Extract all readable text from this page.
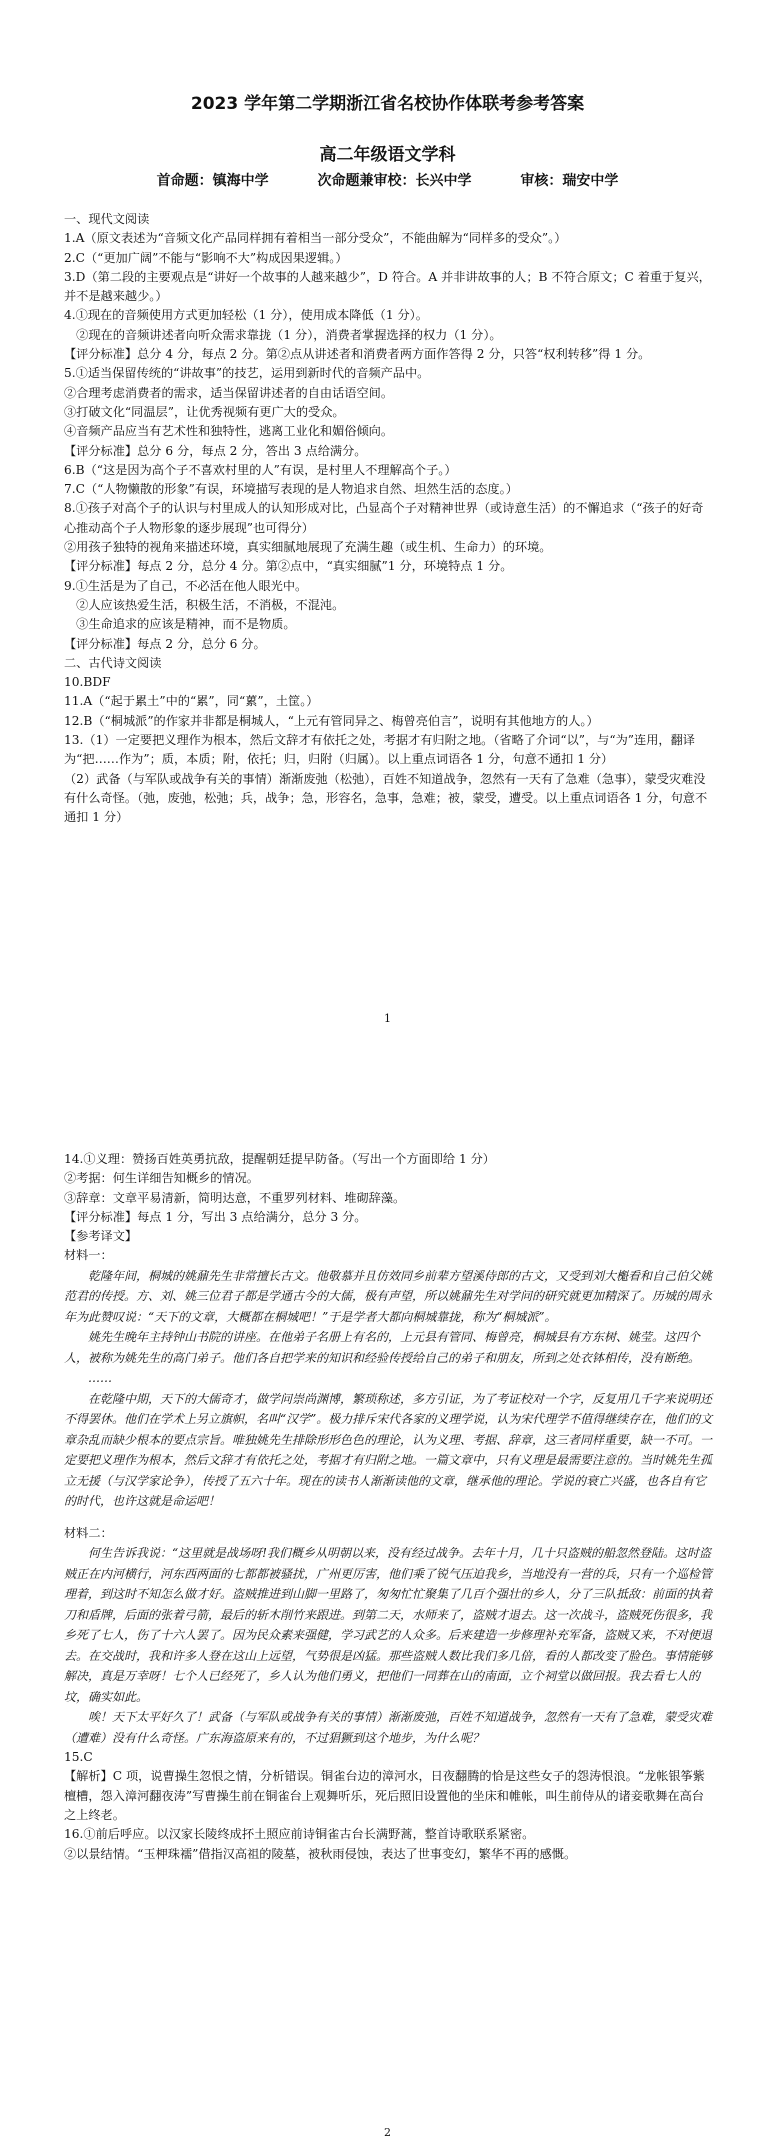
2023 学年第二学期浙江省名校协作体联考参考答案
高二年级语文学科
首命题：镇海中学	次命题兼审校：长兴中学	审核：瑞安中学
一、现代文阅读
1.A（原文表述为“音频文化产品同样拥有着相当一部分受众”，不能曲解为“同样多的受众”。）
2.C（“更加广阔”不能与“影响不大”构成因果逻辑。）
3.D（第二段的主要观点是“讲好一个故事的人越来越少”，D 符合。A 并非讲故事的人；B 不符合原文；C 着重于复兴，并不是越来越少。）
4.①现在的音频使用方式更加轻松（1 分），使用成本降低（1 分）。
　②现在的音频讲述者向听众需求靠拢（1 分），消费者掌握选择的权力（1 分）。
【评分标准】总分 4 分，每点 2 分。第②点从讲述者和消费者两方面作答得 2 分，只答“权利转移”得 1 分。
5.①适当保留传统的“讲故事”的技艺，运用到新时代的音频产品中。
②合理考虑消费者的需求，适当保留讲述者的自由话语空间。
③打破文化“同温层”，让优秀视频有更广大的受众。
④音频产品应当有艺术性和独特性，逃离工业化和媚俗倾向。
【评分标准】总分 6 分，每点 2 分，答出 3 点给满分。
6.B（“这是因为高个子不喜欢村里的人”有误，是村里人不理解高个子。）
7.C（“人物懒散的形象”有误，环境描写表现的是人物追求自然、坦然生活的态度。）
8.①孩子对高个子的认识与村里成人的认知形成对比，凸显高个子对精神世界（或诗意生活）的不懈追求（“孩子的好奇心推动高个子人物形象的逐步展现”也可得分）
②用孩子独特的视角来描述环境，真实细腻地展现了充满生趣（或生机、生命力）的环境。
【评分标准】每点 2 分，总分 4 分。第②点中，“真实细腻”1 分，环境特点 1 分。
9.①生活是为了自己，不必活在他人眼光中。
　②人应该热爱生活，积极生活，不消极，不混沌。
　③生命追求的应该是精神，而不是物质。
【评分标准】每点 2 分，总分 6 分。
二、古代诗文阅读
10.BDF
11.A（“起于累土”中的“累”，同“蔂”，土筐。）
12.B（“桐城派”的作家并非都是桐城人，“上元有管同异之、梅曾亮伯言”，说明有其他地方的人。）
13.（1）一定要把义理作为根本，然后文辞才有依托之处，考据才有归附之地。（省略了介词“以”，与“为”连用，翻译为“把……作为”；质，本质；附，依托；归，归附（归属）。以上重点词语各 1 分，句意不通扣 1 分）
（2）武备（与军队或战争有关的事情）渐渐废弛（松弛），百姓不知道战争，忽然有一天有了急难（急事），蒙受灾难没有什么奇怪。（弛，废弛，松弛；兵，战争；急，形容名，急事，急难；被，蒙受，遭受。以上重点词语各 1 分，句意不通扣 1 分）
1
14.①义理：赞扬百姓英勇抗敌，提醒朝廷提早防备。（写出一个方面即给 1 分）
②考据：何生详细告知概乡的情况。
③辞章：文章平易清新，简明达意，不重罗列材料、堆砌辞藻。
【评分标准】每点 1 分，写出 3 点给满分，总分 3 分。
【参考译文】
材料一：

乾隆年间，桐城的姚鼐先生非常擅长古文。他敬慕并且仿效同乡前辈方望溪侍郎的古文，又受到刘大櫆看和自己伯父姚范君的传授。方、刘、姚三位君子都是学通古今的大儒，极有声望，所以姚鼐先生对学问的研究就更加精深了。历城的周永年为此赞叹说：“天下的文章，大概都在桐城吧！”于是学者大都向桐城靠拢，称为“桐城派”。

姚先生晚年主持钟山书院的讲座。在他弟子名册上有名的，上元县有管同、梅曾亮，桐城县有方东树、姚莹。这四个人，被称为姚先生的高门弟子。他们各自把学来的知识和经验传授给自己的弟子和朋友，所到之处衣钵相传，没有断绝。

……

在乾隆中期，天下的大儒奇才，做学问崇尚渊博，繁琐称述，多方引证，为了考证校对一个字，反复用几千字来说明还不得罢休。他们在学术上另立旗帜，名叫“汉学”。极力排斥宋代各家的义理学说，认为宋代理学不值得继续存在，他们的文章杂乱而缺少根本的要点宗旨。唯独姚先生排除形形色色的理论，认为义理、考据、辞章，这三者同样重要，缺一不可。一定要把义理作为根本，然后文辞才有依托之处，考据才有归附之地。一篇文章中，只有义理是最需要注意的。当时姚先生孤立无援（与汉学家论争），传授了五六十年。现在的读书人渐渐读他的文章，继承他的理论。学说的衰亡兴盛，也各自有它的时代，也许这就是命运吧！

材料二：

何生告诉我说：“这里就是战场呀!我们概乡从明朝以来，没有经过战争。去年十月，几十只盗贼的船忽然登陆。这时盗贼正在内河横行，河东西两面的七都都被骚扰，广州更厉害，他们乘了锐气压迫我乡，当地没有一营的兵，只有一个巡检管理着，到这时不知怎么做才好。盗贼推进到山脚一里路了，匆匆忙忙聚集了几百个强壮的乡人，分了三队抵敌：前面的执着刀和盾牌，后面的张着弓箭，最后的斩木削竹来跟进。到第二天，水师来了，盗贼才退去。这一次战斗，盗贼死伤很多，我乡死了七人，伤了十六人罢了。因为民众素来强健，学习武艺的人众多。后来建造一步修理补充军备，盗贼又来，不对便退去。在交战时，我和许多人登在这山上远望，气势很是凶猛。那些盗贼人数比我们多几倍，看的人都改变了脸色。事情能够解决，真是万幸呀！七个人已经死了，乡人认为他们勇义，把他们一同葬在山的南面，立个祠堂以做回报。我去看七人的坟，确实如此。

唉！天下太平好久了！武备（与军队或战争有关的事情）渐渐废弛，百姓不知道战争，忽然有一天有了急难，蒙受灾难（遭难）没有什么奇怪。广东海盗原来有的，不过猖獗到这个地步，为什么呢？

15.C
【解析】C 项，说曹操生忽恨之情，分析错误。铜雀台边的漳河水，日夜翻腾的恰是这些女子的怨涛恨浪。“龙帐银筝紫檀槽，怨入漳河翻夜涛”写曹操生前在铜雀台上观舞听乐，死后照旧设置他的坐床和帷帐，叫生前侍从的诸妾歌舞在高台之上终老。
16.①前后呼应。以汉家长陵终成抔土照应前诗铜雀古台长满野蒿，整首诗歌联系紧密。
②以景结情。“玉柙珠襦”借指汉高祖的陵墓，被秋雨侵蚀，表达了世事变幻，繁华不再的感慨。
2
